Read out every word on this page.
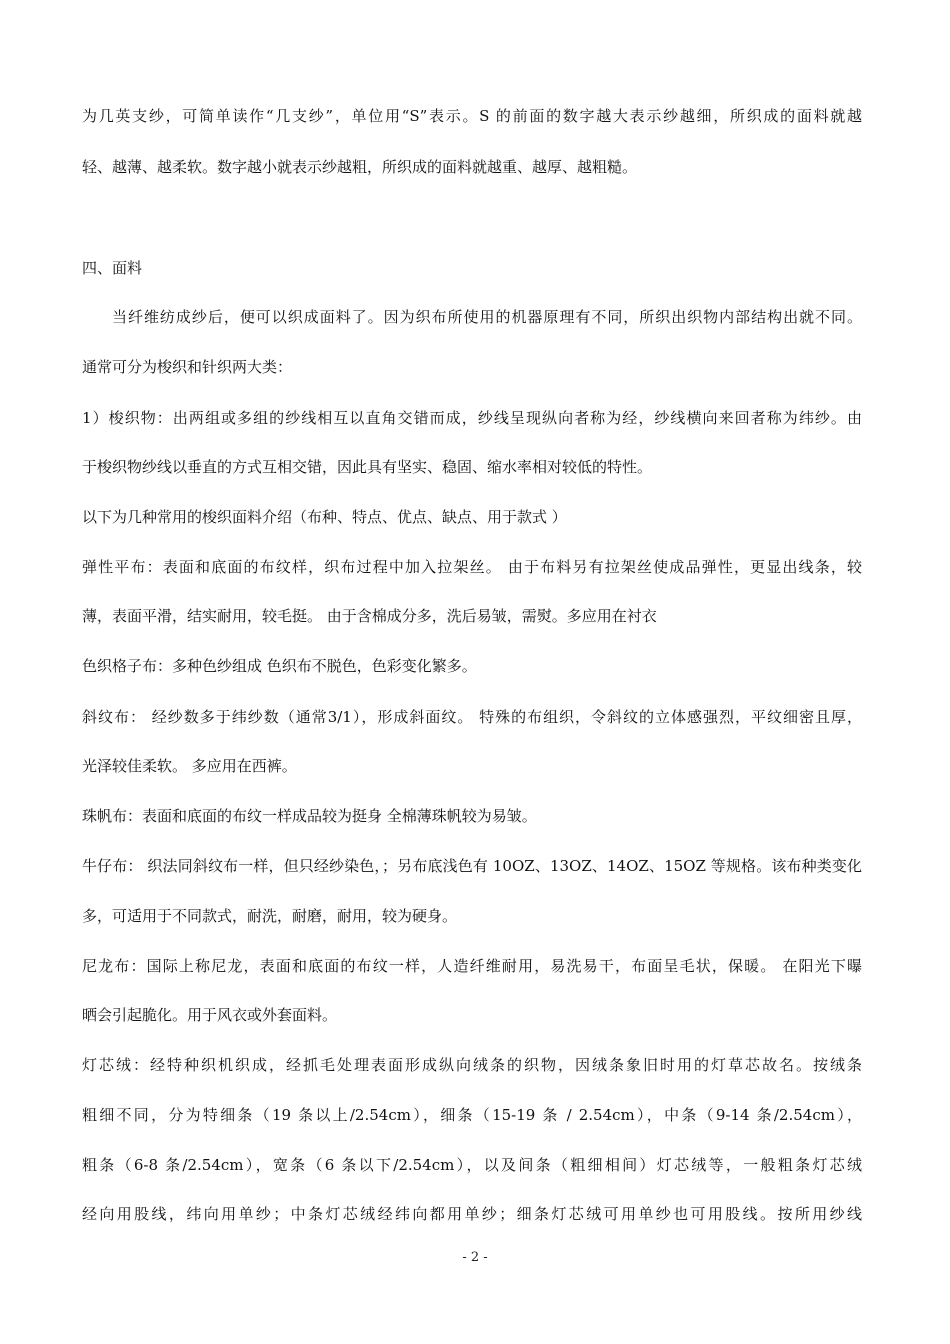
为几英支纱，可简单读作“几支纱”，单位用“S”表示。S 的前面的数字越大表示纱越细，所织成的面料就越
轻、越薄、越柔软。数字越小就表示纱越粗，所织成的面料就越重、越厚、越粗糙。
四、面料
当纤维纺成纱后，便可以织成面料了。因为织布所使用的机器原理有不同，所织出织物内部结构出就不同。
通常可分为梭织和针织两大类：
1）梭织物：出两组或多组的纱线相互以直角交错而成，纱线呈现纵向者称为经，纱线横向来回者称为纬纱。由
于梭织物纱线以垂直的方式互相交错，因此具有坚实、稳固、缩水率相对较低的特性。
以下为几种常用的梭织面料介绍（布种、特点、优点、缺点、用于款式 ）
弹性平布：表面和底面的布纹样，织布过程中加入拉架丝。 由于布料另有拉架丝使成品弹性，更显出线条，较
薄，表面平滑，结实耐用，较毛挺。 由于含棉成分多，洗后易皱，需熨。多应用在衬衣
色织格子布：多种色纱组成 色织布不脱色，色彩变化繁多。
斜纹布： 经纱数多于纬纱数（通常3/1），形成斜面纹。 特殊的布组织，令斜纹的立体感强烈，平纹细密且厚，
光泽较佳柔软。 多应用在西裤。
珠帆布：表面和底面的布纹一样成品较为挺身 全棉薄珠帆较为易皱。
牛仔布： 织法同斜纹布一样，但只经纱染色，；另布底浅色有 10OZ、13OZ、14OZ、15OZ 等规格。该布种类变化
多，可适用于不同款式，耐洗，耐磨，耐用，较为硬身。
尼龙布：国际上称尼龙，表面和底面的布纹一样，人造纤维耐用，易洗易干，布面呈毛状，保暖。 在阳光下曝
晒会引起脆化。用于风衣或外套面料。
灯芯绒：经特种织机织成，经抓毛处理表面形成纵向绒条的织物，因绒条象旧时用的灯草芯故名。按绒条
粗细不同，分为特细条（19 条以上/2.54cm），细条（15-19 条 / 2.54cm），中条（9-14 条/2.54cm），
粗条（6-8 条/2.54cm），宽条（6 条以下/2.54cm），以及间条（粗细相间）灯芯绒等，一般粗条灯芯绒
经向用股线，纬向用单纱；中条灯芯绒经纬向都用单纱；细条灯芯绒可用单纱也可用股线。按所用纱线
- 2 -
